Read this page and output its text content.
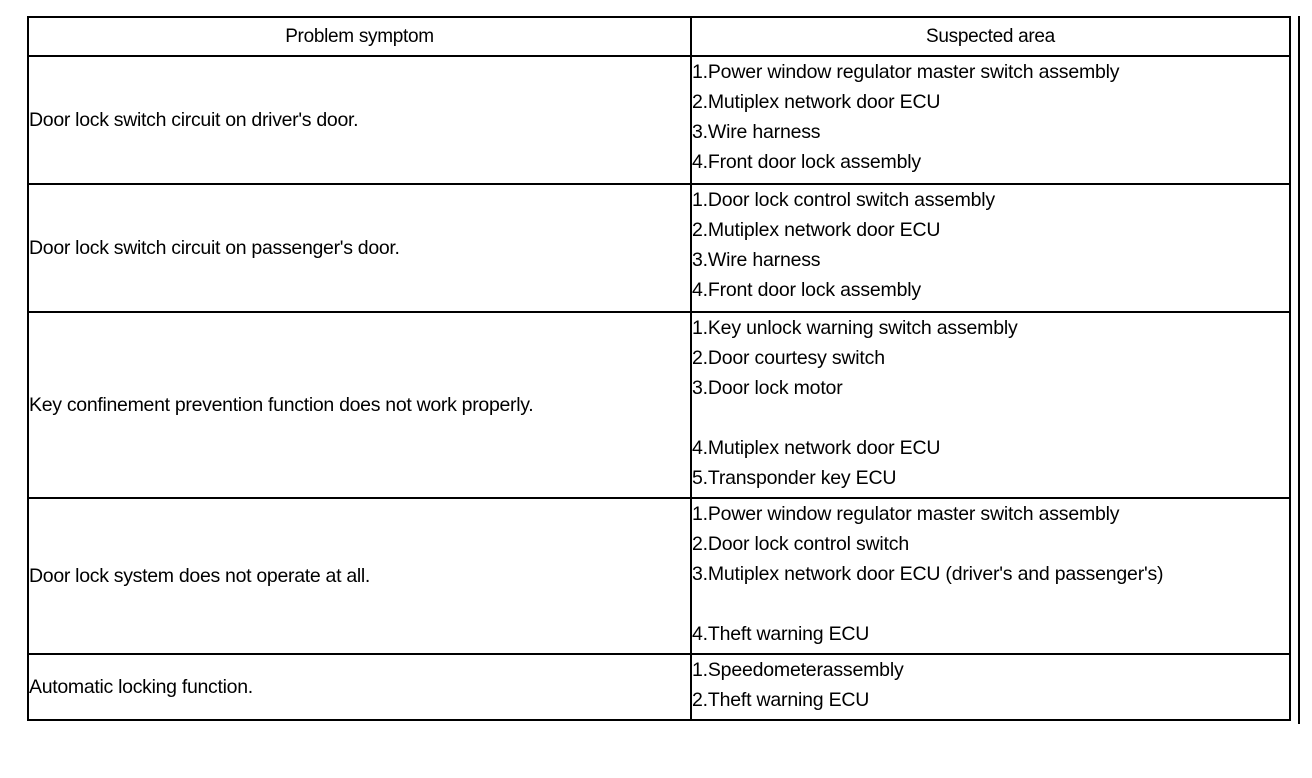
Problem symptom	Suspected area
Door lock switch circuit on driver's door.	1.Power window regulator master switch assembly
2.Mutiplex network door ECU
3.Wire harness
4.Front door lock assembly

Door lock switch circuit on passenger's door.	1.Door lock control switch assembly
2.Mutiplex network door ECU
3.Wire harness
4.Front door lock assembly

Key confinement prevention function does not work properly.	1.Key unlock warning switch assembly
2.Door courtesy switch
3.Door lock motor
4.Mutiplex network door ECU
5.Transponder key ECU

Door lock system does not operate at all.	1.Power window regulator master switch assembly
2.Door lock control switch
3.Mutiplex network door ECU (driver's and passenger's)
4.Theft warning ECU

Automatic locking function.	1.Speedometerassembly
2.Theft warning ECU
